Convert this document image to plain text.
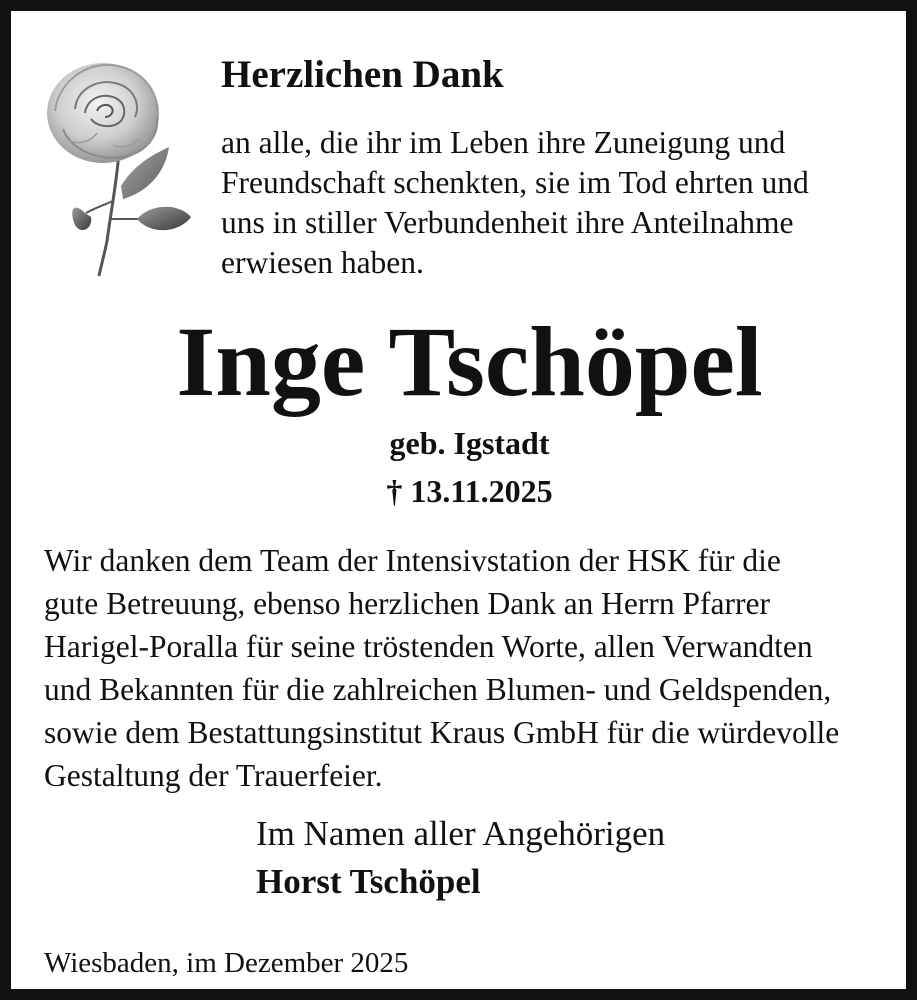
Herzlichen Dank

an alle, die ihr im Leben ihre Zuneigung und
Freundschaft schenkten, sie im Tod ehrten und
uns in stiller Verbundenheit ihre Anteilnahme
erwiesen haben.

Inge Tschöpel

geb. Igstadt

† 13.11.2025

Wir danken dem Team der Intensivstation der HSK für die
gute Betreuung, ebenso herzlichen Dank an Herrn Pfarrer
Harigel-Poralla für seine tröstenden Worte, allen Verwandten
und Bekannten für die zahlreichen Blumen- und Geldspenden,
sowie dem Bestattungsinstitut Kraus GmbH für die würdevolle
Gestaltung der Trauerfeier.

Im Namen aller Angehörigen

Horst Tschöpel

Wiesbaden, im Dezember 2025
